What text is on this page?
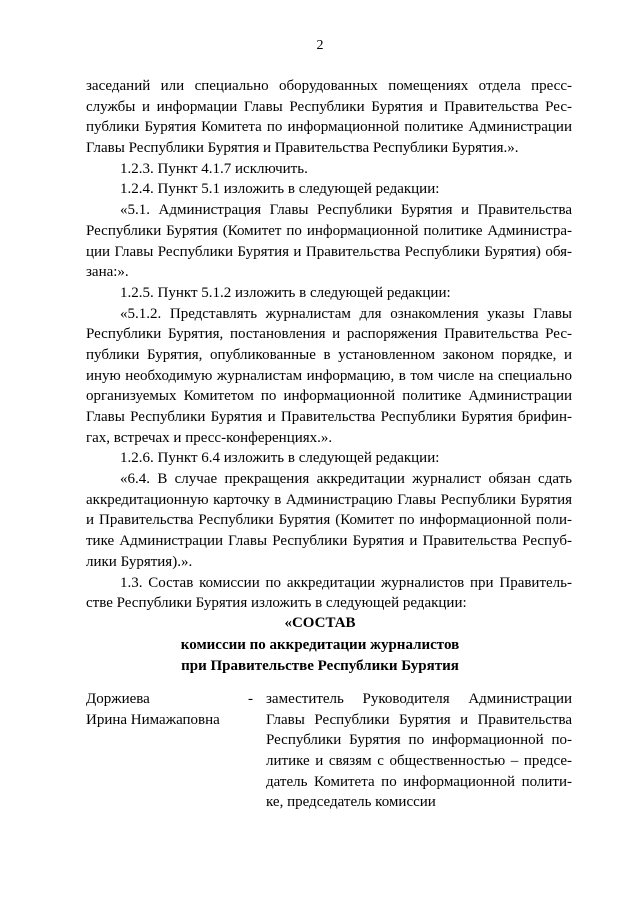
2
заседаний или специально оборудованных помещениях отдела пресс-
службы и информации Главы Республики Бурятия и Правительства Рес-
публики Бурятия Комитета по информационной политике Администрации
Главы Республики Бурятия и Правительства Республики Бурятия.».
1.2.3. Пункт 4.1.7 исключить.
1.2.4. Пункт 5.1 изложить в следующей редакции:
«5.1. Администрация Главы Республики Бурятия и Правительства
Республики Бурятия (Комитет по информационной политике Администра-
ции Главы Республики Бурятия и Правительства Республики Бурятия) обя-
зана:».
1.2.5. Пункт 5.1.2 изложить в следующей редакции:
«5.1.2. Представлять журналистам для ознакомления указы Главы
Республики Бурятия, постановления и распоряжения Правительства Рес-
публики Бурятия, опубликованные в установленном законом порядке, и
иную необходимую журналистам информацию, в том числе на специально
организуемых Комитетом по информационной политике Администрации
Главы Республики Бурятия и Правительства Республики Бурятия брифин-
гах, встречах и пресс-конференциях.».
1.2.6. Пункт 6.4 изложить в следующей редакции:
«6.4. В случае прекращения аккредитации журналист обязан сдать
аккредитационную карточку в Администрацию Главы Республики Бурятия
и Правительства Республики Бурятия (Комитет по информационной поли-
тике Администрации Главы Республики Бурятия и Правительства Респуб-
лики Бурятия).».
1.3. Состав комиссии по аккредитации журналистов при Правитель-
стве Республики Бурятия изложить в следующей редакции:
«СОСТАВ
комиссии по аккредитации журналистов
при Правительстве Республики Бурятия
Доржиева
Ирина Нимажаповна
- заместитель Руководителя Администрации
Главы Республики Бурятия и Правительства
Республики Бурятия по информационной по-
литике и связям с общественностью – предсе-
датель Комитета по информационной полити-
ке, председатель комиссии
